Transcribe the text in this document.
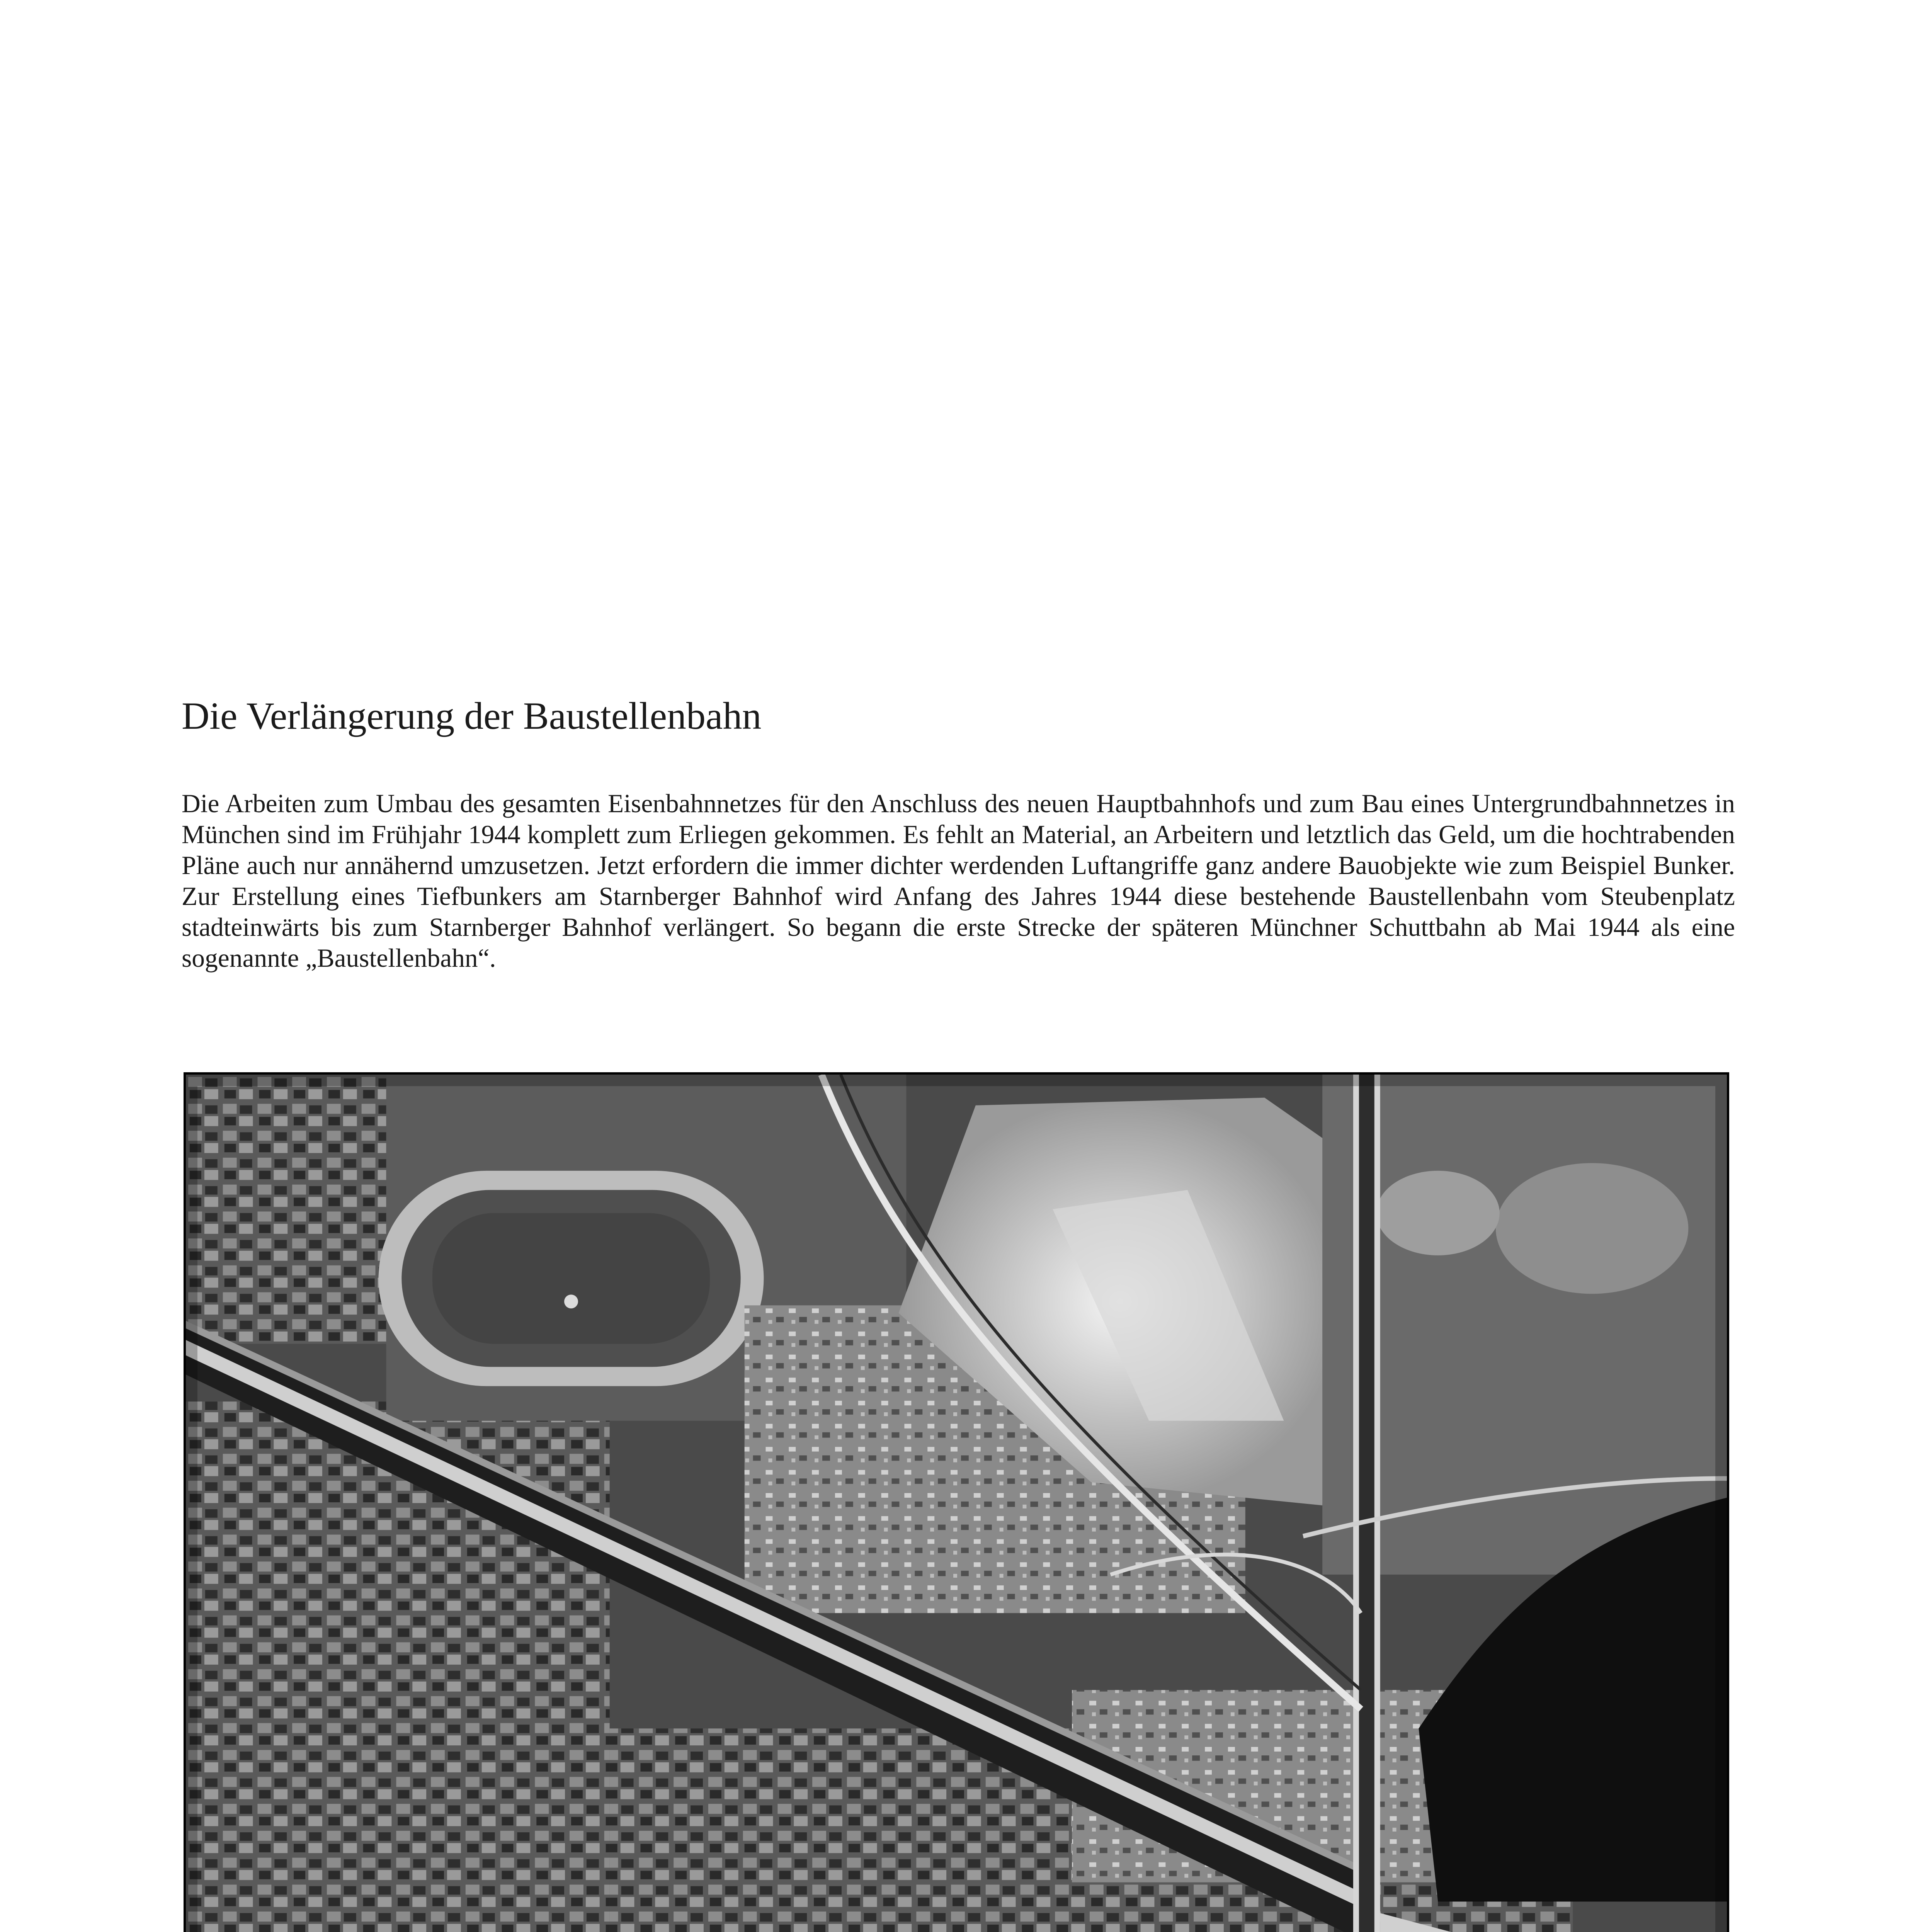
Die Verlängerung der Baustellenbahn

Die Arbeiten zum Umbau des gesamten Eisenbahnnetzes für den Anschluss des neuen Hauptbahnhofs und zum Bau eines Untergrundbahnnetzes in München sind im Frühjahr 1944 komplett zum Erliegen gekommen. Es fehlt an Material, an Arbeitern und letztlich das Geld, um die hochtrabenden Pläne auch nur annähernd umzusetzen. Jetzt erfordern die immer dichter werdenden Luftangriffe ganz andere Bauobjekte wie zum Beispiel Bunker. Zur Erstellung eines Tiefbunkers am Starnberger Bahnhof wird Anfang des Jahres 1944 diese bestehende Baustellenbahn vom Steubenplatz stadteinwärts bis zum Starnberger Bahnhof verlängert. So begann die erste Strecke der späteren Münchner Schuttbahn ab Mai 1944 als eine sogenannte „Baustellenbahn“.
